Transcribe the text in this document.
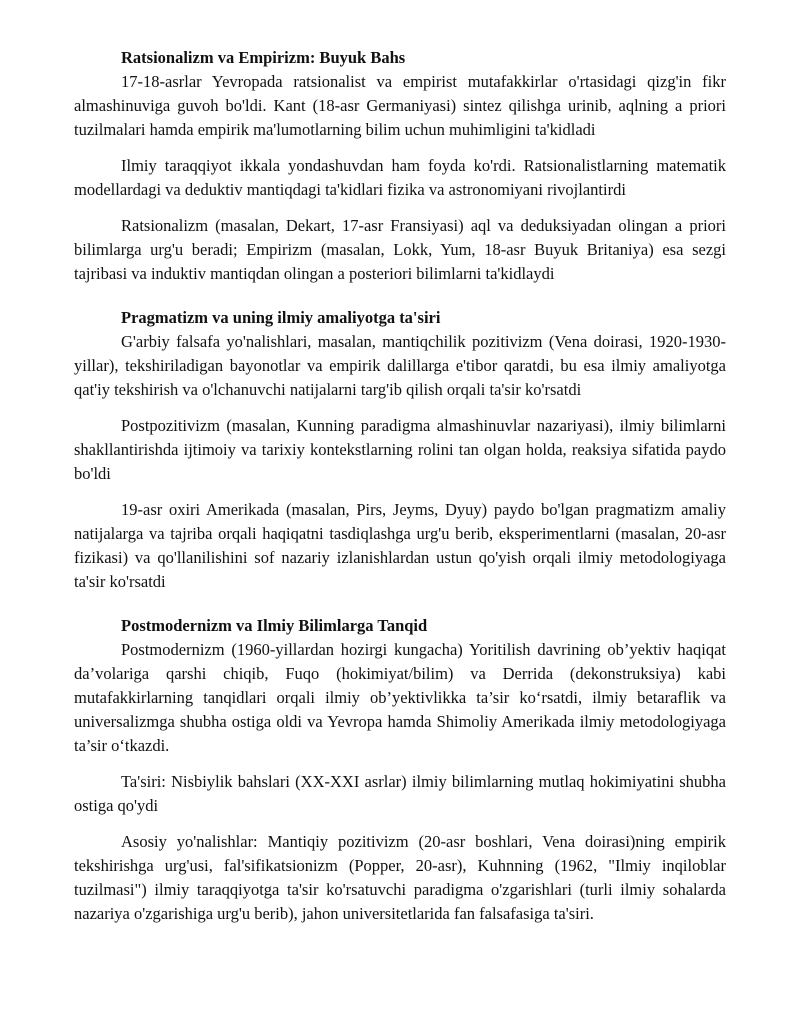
Ratsionalizm va Empirizm: Buyuk Bahs

17-18-asrlar Yevropada ratsionalist va empirist mutafakkirlar o'rtasidagi qizg'in fikr almashinuviga guvoh bo'ldi. Kant (18-asr Germaniyasi) sintez qilishga urinib, aqlning a priori tuzilmalari hamda empirik ma'lumotlarning bilim uchun muhimligini ta'kidladi

Ilmiy taraqqiyot ikkala yondashuvdan ham foyda ko'rdi. Ratsionalistlarning matematik modellardagi va deduktiv mantiqdagi ta'kidlari fizika va astronomiyani rivojlantirdi

Ratsionalizm (masalan, Dekart, 17-asr Fransiyasi) aql va deduksiyadan olingan a priori bilimlarga urg'u beradi; Empirizm (masalan, Lokk, Yum, 18-asr Buyuk Britaniya) esa sezgi tajribasi va induktiv mantiqdan olingan a posteriori bilimlarni ta'kidlaydi

Pragmatizm va uning ilmiy amaliyotga ta'siri

G'arbiy falsafa yo'nalishlari, masalan, mantiqchilik pozitivizm (Vena doirasi, 1920-1930-yillar), tekshiriladigan bayonotlar va empirik dalillarga e'tibor qaratdi, bu esa ilmiy amaliyotga qat'iy tekshirish va o'lchanuvchi natijalarni targ'ib qilish orqali ta'sir ko'rsatdi

Postpozitivizm (masalan, Kunning paradigma almashinuvlar nazariyasi), ilmiy bilimlarni shakllantirishda ijtimoiy va tarixiy kontekstlarning rolini tan olgan holda, reaksiya sifatida paydo bo'ldi

19-asr oxiri Amerikada (masalan, Pirs, Jeyms, Dyuy) paydo bo'lgan pragmatizm amaliy natijalarga va tajriba orqali haqiqatni tasdiqlashga urg'u berib, eksperimentlarni (masalan, 20-asr fizikasi) va qo'llanilishini sof nazariy izlanishlardan ustun qo'yish orqali ilmiy metodologiyaga ta'sir ko'rsatdi

Postmodernizm va Ilmiy Bilimlarga Tanqid

Postmodernizm (1960-yillardan hozirgi kungacha) Yoritilish davrining ob’yektiv haqiqat da’volariga qarshi chiqib, Fuqo (hokimiyat/bilim) va Derrida (dekonstruksiya) kabi mutafakkirlarning tanqidlari orqali ilmiy ob’yektivlikka ta’sir ko‘rsatdi, ilmiy betaraflik va universalizmga shubha ostiga oldi va Yevropa hamda Shimoliy Amerikada ilmiy metodologiyaga ta’sir o‘tkazdi.

Ta'siri: Nisbiylik bahslari (XX-XXI asrlar) ilmiy bilimlarning mutlaq hokimiyatini shubha ostiga qo'ydi

Asosiy yo'nalishlar: Mantiqiy pozitivizm (20-asr boshlari, Vena doirasi)ning empirik tekshirishga urg'usi, fal'sifikatsionizm (Popper, 20-asr), Kuhnning (1962, "Ilmiy inqiloblar tuzilmasi") ilmiy taraqqiyotga ta'sir ko'rsatuvchi paradigma o'zgarishlari (turli ilmiy sohalarda nazariya o'zgarishiga urg'u berib), jahon universitetlarida fan falsafasiga ta'siri.
